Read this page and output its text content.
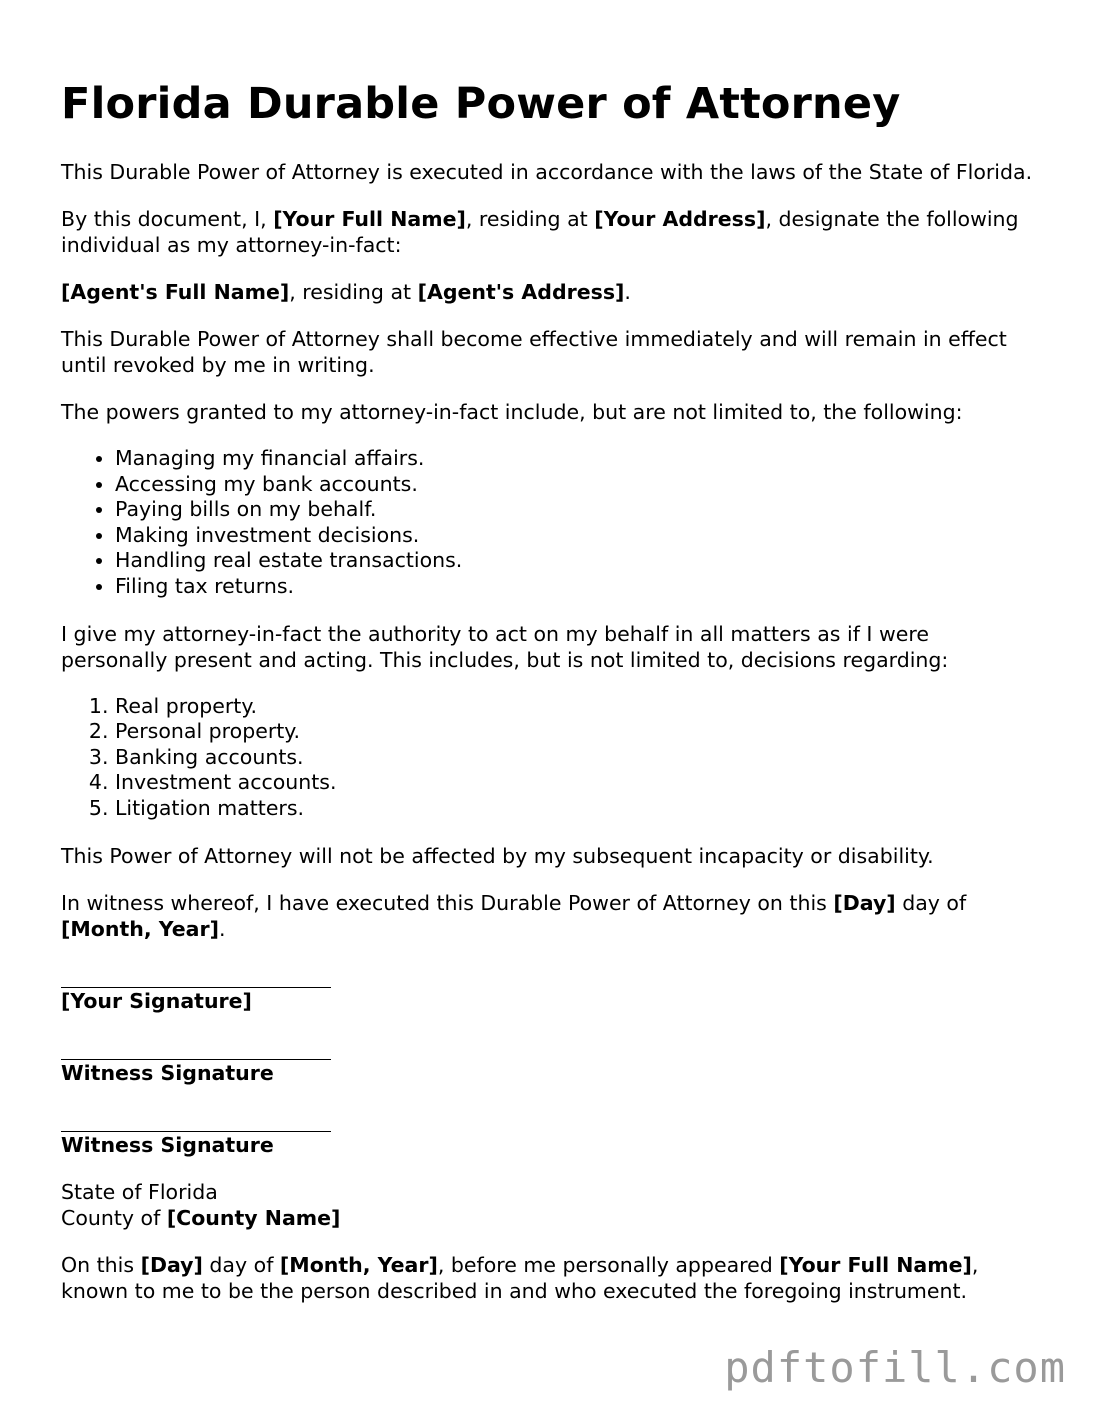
Florida Durable Power of Attorney

This Durable Power of Attorney is executed in accordance with the laws of the State of Florida.

By this document, I, [Your Full Name], residing at [Your Address], designate the following individual as my attorney-in-fact:

[Agent's Full Name], residing at [Agent's Address].

This Durable Power of Attorney shall become effective immediately and will remain in effect until revoked by me in writing.

The powers granted to my attorney-in-fact include, but are not limited to, the following:

• Managing my financial affairs.
• Accessing my bank accounts.
• Paying bills on my behalf.
• Making investment decisions.
• Handling real estate transactions.
• Filing tax returns.

I give my attorney-in-fact the authority to act on my behalf in all matters as if I were personally present and acting. This includes, but is not limited to, decisions regarding:

1. Real property.
2. Personal property.
3. Banking accounts.
4. Investment accounts.
5. Litigation matters.

This Power of Attorney will not be affected by my subsequent incapacity or disability.

In witness whereof, I have executed this Durable Power of Attorney on this [Day] day of [Month, Year].

[Your Signature]
Witness Signature
Witness Signature

State of Florida
County of [County Name]

On this [Day] day of [Month, Year], before me personally appeared [Your Full Name], known to me to be the person described in and who executed the foregoing instrument.

pdftofill.com
